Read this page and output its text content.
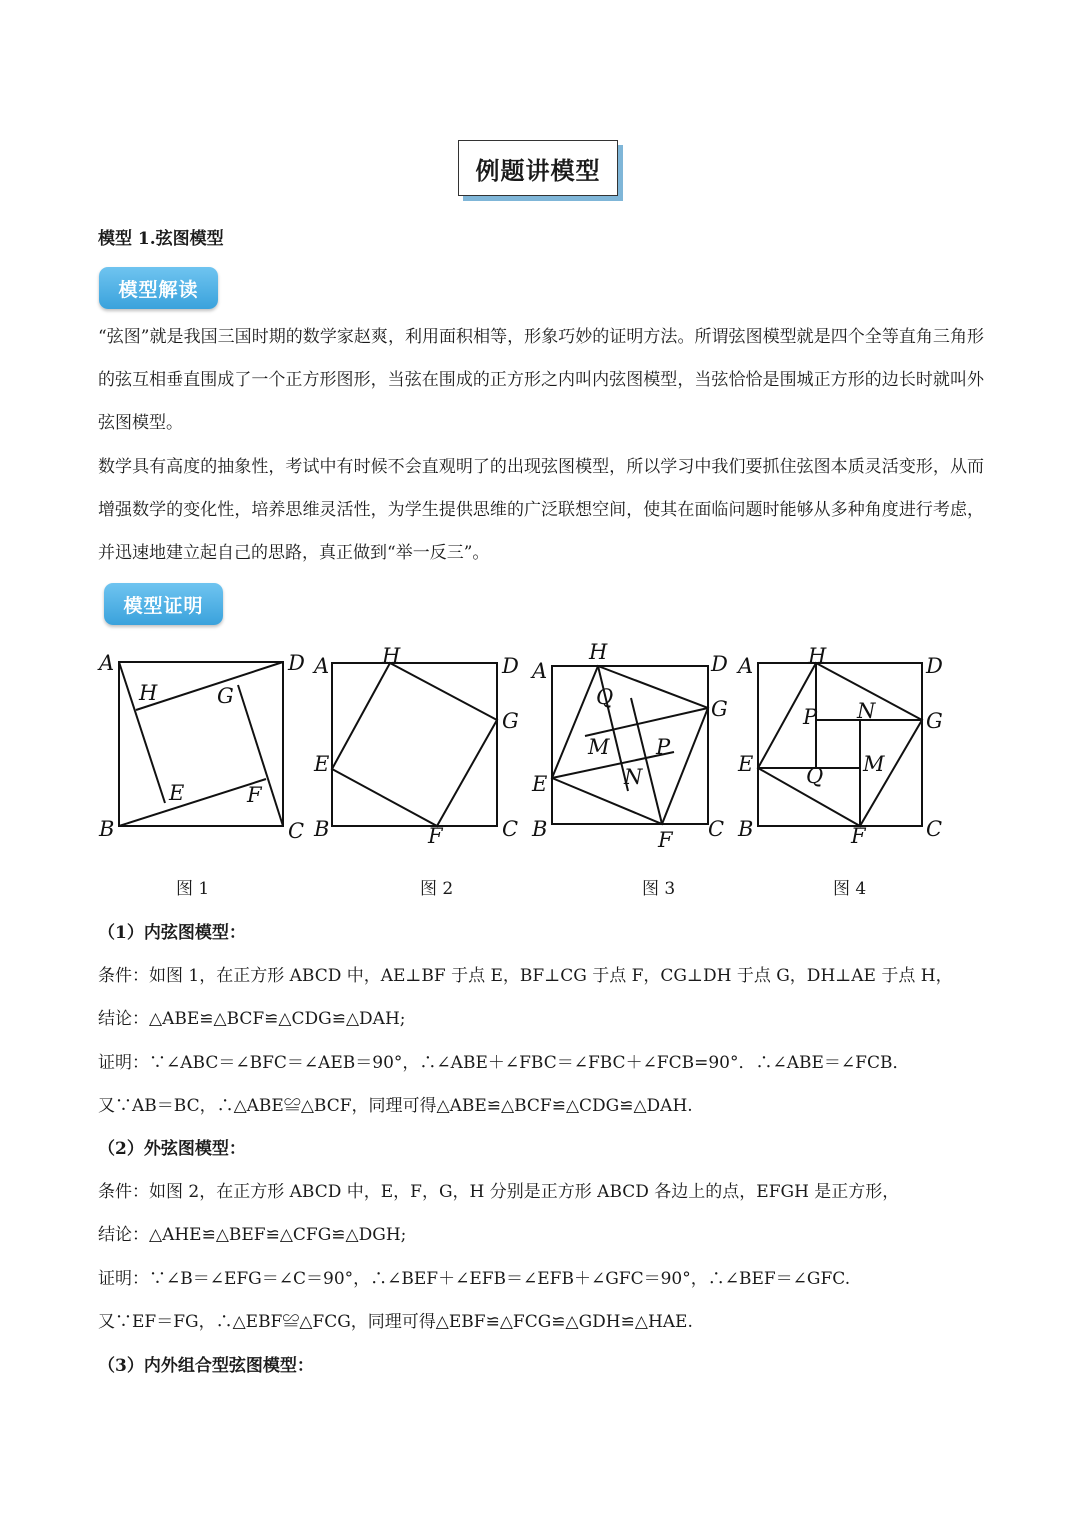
例题讲模型
模型 1.弦图模型
模型解读

“弦图”就是我国三国时期的数学家赵爽，利用面积相等，形象巧妙的证明方法。所谓弦图模型就是四个全等直角三角形的弦互相垂直围成了一个正方形图形，当弦在围成的正方形之内叫内弦图模型，当弦恰恰是围城正方形的边长时就叫外弦图模型。

数学具有高度的抽象性，考试中有时候不会直观明了的出现弦图模型，所以学习中我们要抓住弦图本质灵活变形，从而增强数学的变化性，培养思维灵活性，为学生提供思维的广泛联想空间，使其在面临问题时能够从多种角度进行考虑，并迅速地建立起自己的思路，真正做到“举一反三”。

模型证明
A
B	C
D
E	F
G
H
A
B	C
D
E
F
G
H
A
B	C
D
E
F
G
H
M
N
P
Q
A
B	C
D
E
F
G
H
M
N
P
Q
图 1	图 2	图 3	图 4
（1）内弦图模型：
条件：如图 1，在正方形 ABCD 中，AE⊥BF 于点 E，BF⊥CG 于点 F，CG⊥DH 于点 G，DH⊥AE 于点 H，
结论：△ABE≌△BCF≌△CDG≌△DAH;
证明：∵∠ABC＝∠BFC＝∠AEB＝90°，∴∠ABE＋∠FBC＝∠FBC＋∠FCB=90°．∴∠ABE＝∠FCB．
又∵AB＝BC，∴△ABE≌△BCF，同理可得△ABE≌△BCF≌△CDG≌△DAH.
（2）外弦图模型：
条件：如图 2，在正方形 ABCD 中，E，F，G，H 分别是正方形 ABCD 各边上的点，EFGH 是正方形，
结论：△AHE≌△BEF≌△CFG≌△DGH;
证明：∵∠B＝∠EFG＝∠C＝90°，∴∠BEF＋∠EFB＝∠EFB＋∠GFC＝90°，∴∠BEF＝∠GFC.
又∵EF＝FG，∴△EBF≌△FCG，同理可得△EBF≌△FCG≌△GDH≌△HAE.
（3）内外组合型弦图模型：
